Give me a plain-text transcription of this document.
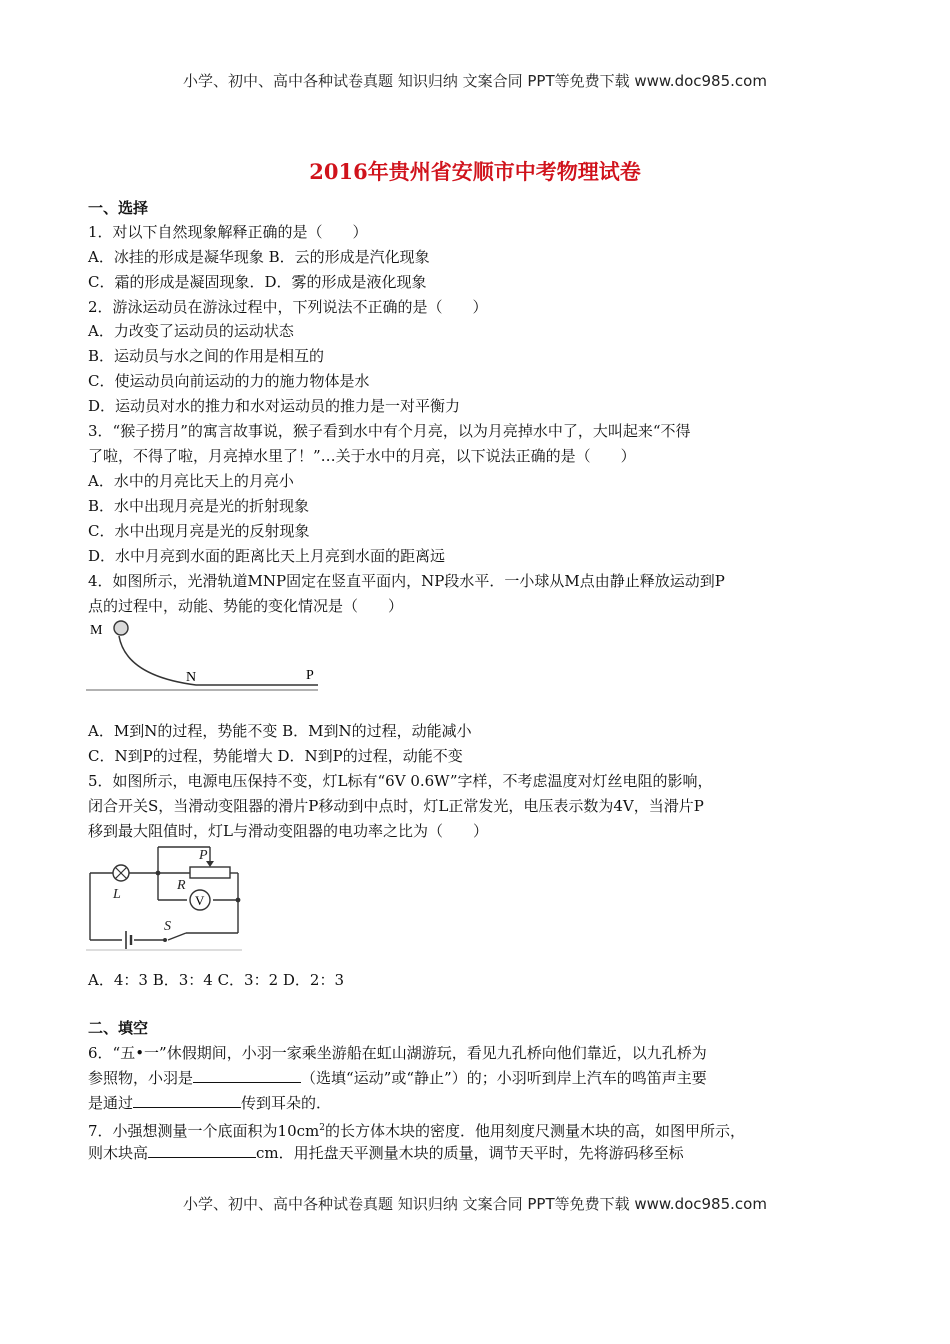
小学、初中、高中各种试卷真题 知识归纳 文案合同 PPT等免费下载 www.doc985.com
2016年贵州省安顺市中考物理试卷
一、选择
1．对以下自然现象解释正确的是（　　）
A．冰挂的形成是凝华现象 B．云的形成是汽化现象
C．霜的形成是凝固现象．D．雾的形成是液化现象
2．游泳运动员在游泳过程中，下列说法不正确的是（　　）
A．力改变了运动员的运动状态
B．运动员与水之间的作用是相互的
C．使运动员向前运动的力的施力物体是水
D．运动员对水的推力和水对运动员的推力是一对平衡力
3．“猴子捞月”的寓言故事说，猴子看到水中有个月亮，以为月亮掉水中了，大叫起来“不得
了啦，不得了啦，月亮掉水里了！”…关于水中的月亮，以下说法正确的是（　　）
A．水中的月亮比天上的月亮小
B．水中出现月亮是光的折射现象
C．水中出现月亮是光的反射现象
D．水中月亮到水面的距离比天上月亮到水面的距离远
4．如图所示，光滑轨道MNP固定在竖直平面内，NP段水平．一小球从M点由静止释放运动到P
点的过程中，动能、势能的变化情况是（　　）
M
N	P
A．M到N的过程，势能不变 B．M到N的过程，动能减小
C．N到P的过程，势能增大 D．N到P的过程，动能不变
5．如图所示，电源电压保持不变，灯L标有“6V 0.6W”字样，不考虑温度对灯丝电阻的影响，
闭合开关S，当滑动变阻器的滑片P移动到中点时，灯L正常发光，电压表示数为4V，当滑片P
移到最大阻值时，灯L与滑动变阻器的电功率之比为（　　）
V
L
P
R
S
A．4：3 B．3：4 C．3：2 D．2：3
二、填空
6．“五•一”休假期间，小羽一家乘坐游船在虹山湖游玩，看见九孔桥向他们靠近，以九孔桥为
参照物，小羽是	（选填“运动”或“静止”）的；小羽听到岸上汽车的鸣笛声主要
是通过	传到耳朵的．
7．小强想测量一个底面积为$10cm^2$的长方体木块的密度．他用刻度尺测量木块的高，如图甲所示，
则木块高	cm．用托盘天平测量木块的质量，调节天平时，先将游码移至标
小学、初中、高中各种试卷真题 知识归纳 文案合同 PPT等免费下载 www.doc985.com
